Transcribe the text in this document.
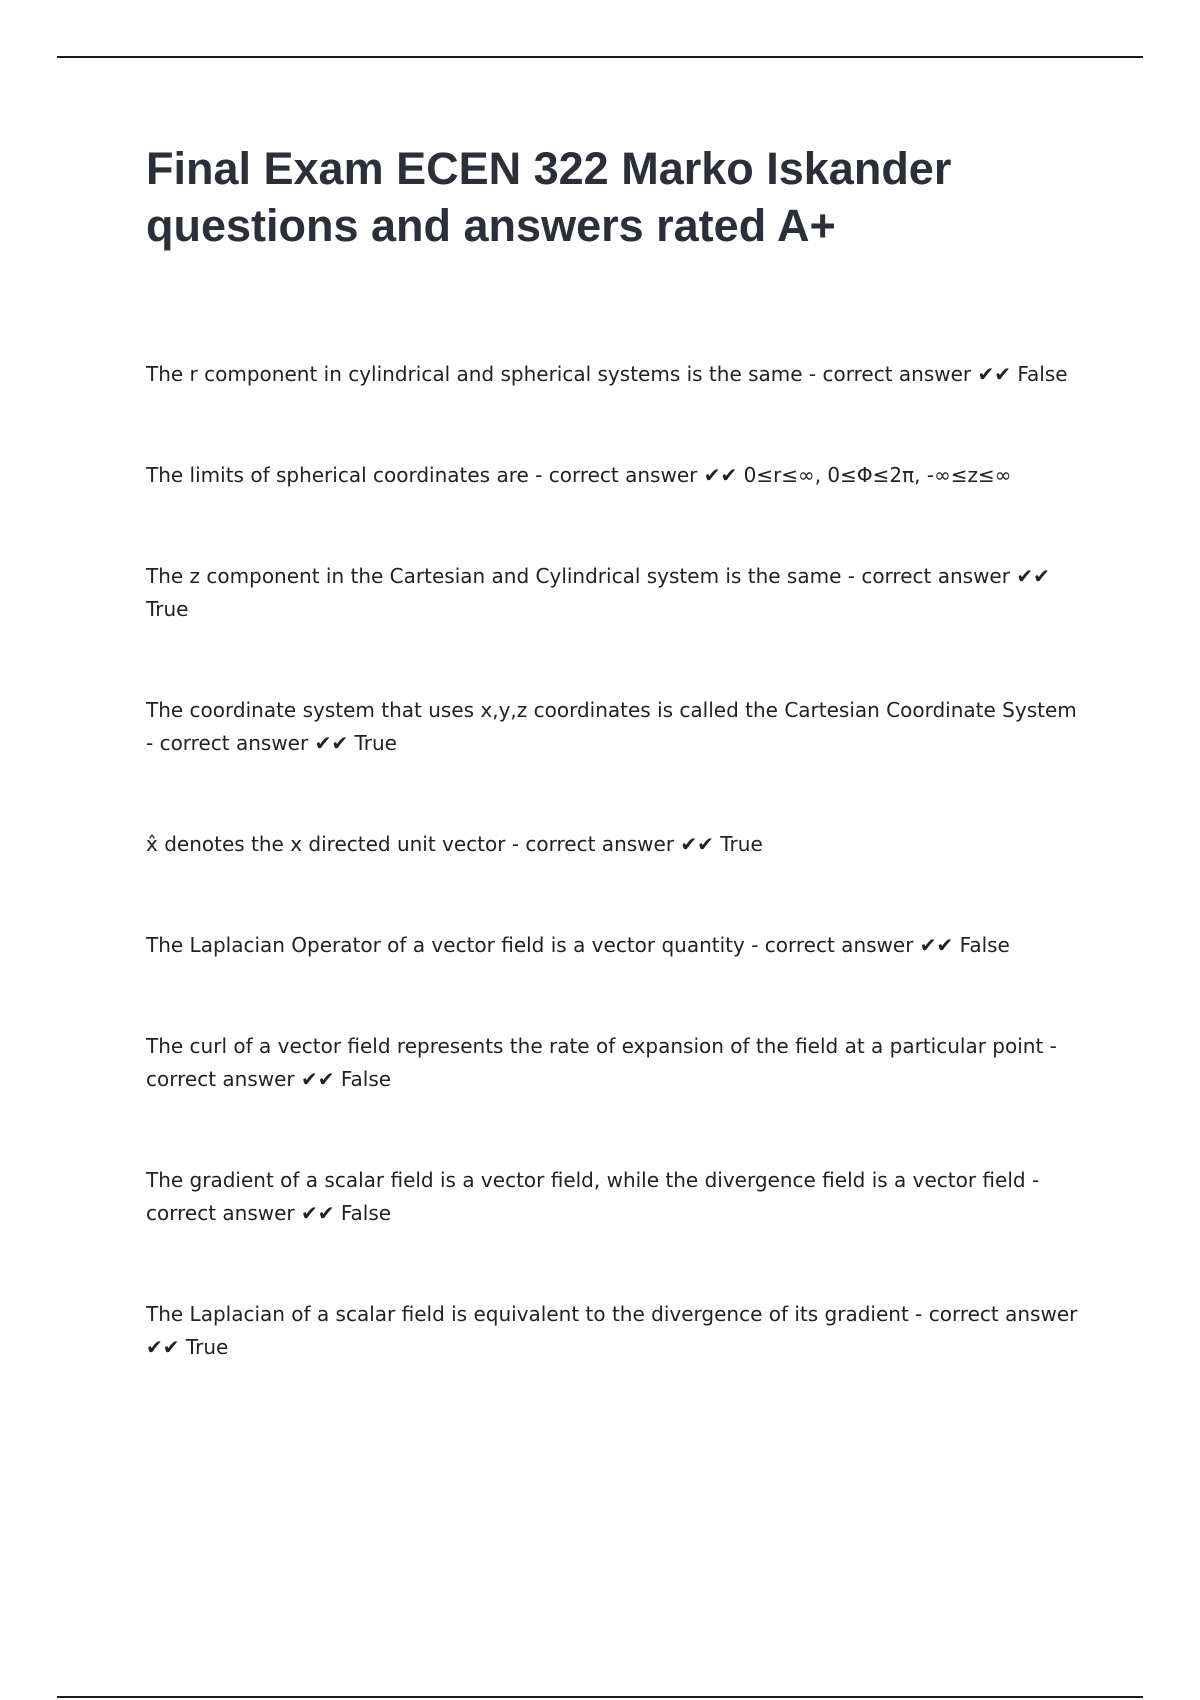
Final Exam ECEN 322 Marko Iskander questions and answers rated A+

The r component in cylindrical and spherical systems is the same - correct answer ✔✔ False

The limits of spherical coordinates are - correct answer ✔✔ 0≤r≤∞, 0≤Φ≤2π, -∞≤z≤∞

The z component in the Cartesian and Cylindrical system is the same - correct answer ✔✔ True

The coordinate system that uses x,y,z coordinates is called the Cartesian Coordinate System - correct answer ✔✔ True

x̂ denotes the x directed unit vector - correct answer ✔✔ True

The Laplacian Operator of a vector field is a vector quantity - correct answer ✔✔ False

The curl of a vector field represents the rate of expansion of the field at a particular point - correct answer ✔✔ False

The gradient of a scalar field is a vector field, while the divergence field is a vector field - correct answer ✔✔ False

The Laplacian of a scalar field is equivalent to the divergence of its gradient - correct answer ✔✔ True
